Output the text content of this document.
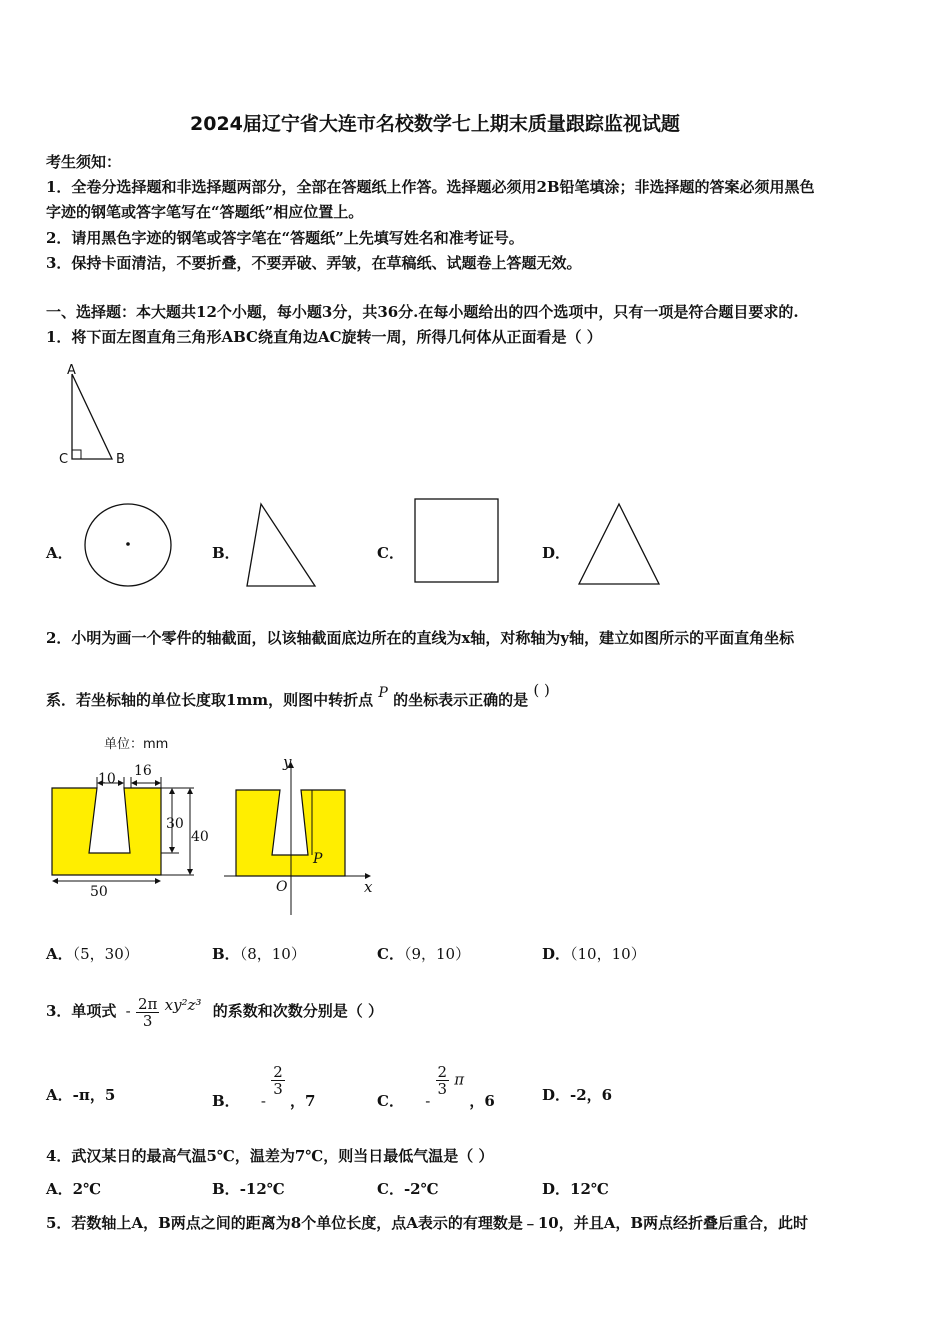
2024届辽宁省大连市名校数学七上期末质量跟踪监视试题
考生须知：
1．全卷分选择题和非选择题两部分，全部在答题纸上作答。选择题必须用2B铅笔填涂；非选择题的答案必须用黑色
字迹的钢笔或答字笔写在“答题纸”相应位置上。
2．请用黑色字迹的钢笔或答字笔在“答题纸”上先填写姓名和准考证号。
3．保持卡面清洁，不要折叠，不要弄破、弄皱，在草稿纸、试题卷上答题无效。
一、选择题：本大题共12个小题，每小题3分，共36分.在每小题给出的四个选项中，只有一项是符合题目要求的.
1．将下面左图直角三角形ABC绕直角边AC旋转一周，所得几何体从正面看是（ ）
A
C	B
A．	B．	C．	D．
2．小明为画一个零件的轴截面，以该轴截面底边所在的直线为x轴，对称轴为y轴，建立如图所示的平面直角坐标
系．若坐标轴的单位长度取1mm，则图中转折点 P 的坐标表示正确的是 ( )
单位：mm
10 16
30
40
50
y
x
O
P
A．（5，30）	B．（8，10）	C．（9，10）	D．（10，10）
3．单项式 - $\frac{2\pi}{3} xy^2z^3$ 的系数和次数分别是（ ）
A．-π，5	B． -
$\frac{2}{3}$
，7	C． -
$\frac{2}{3}$ π ，6	D．-2，6
4．武汉某日的最高气温5℃，温差为7℃，则当日最低气温是（ ）
A．2℃	B．-12℃	C．-2℃	D．12℃
5．若数轴上A，B两点之间的距离为8个单位长度，点A表示的有理数是﹣10，并且A，B两点经折叠后重合，此时
